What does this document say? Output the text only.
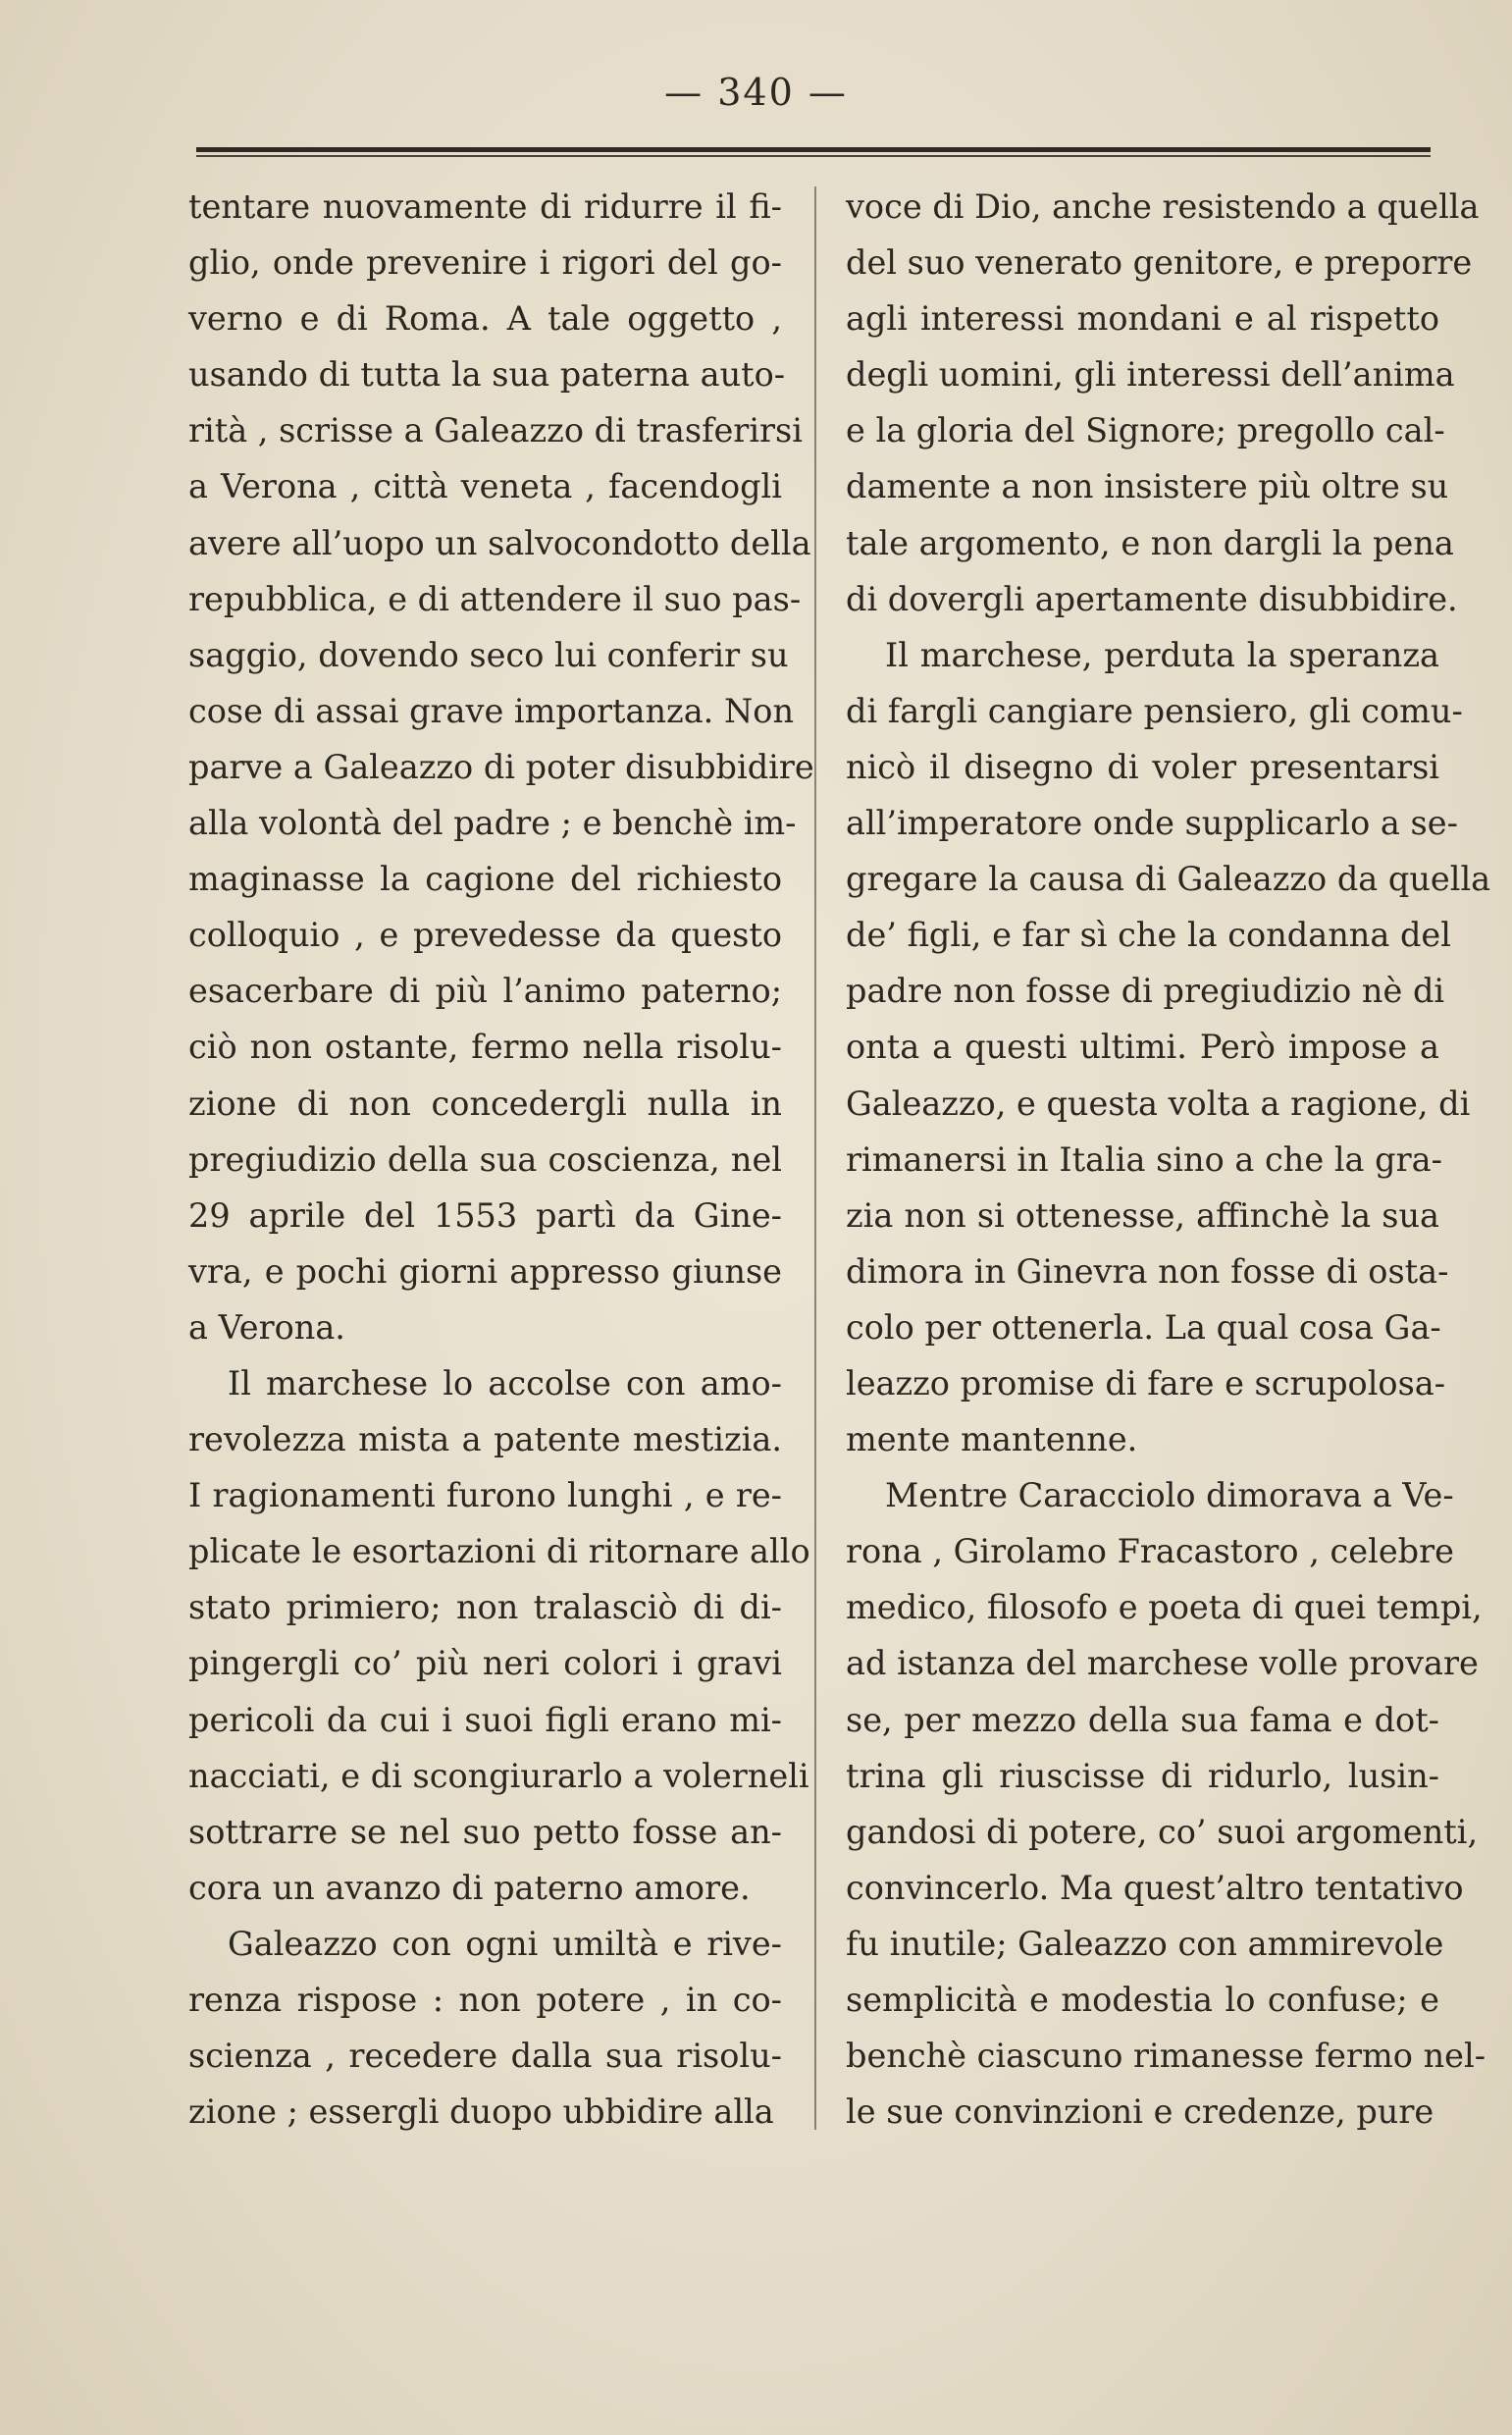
— 340 —

tentare nuovamente di ridurre il fi-
glio, onde prevenire i rigori del go-
verno e di Roma. A tale oggetto ,
usando di tutta la sua paterna auto-
rità , scrisse a Galeazzo di trasferirsi
a Verona , città veneta , facendogli
avere all’uopo un salvocondotto della
repubblica, e di attendere il suo pas-
saggio, dovendo seco lui conferir su
cose di assai grave importanza. Non
parve a Galeazzo di poter disubbidire
alla volontà del padre ; e benchè im-
maginasse la cagione del richiesto
colloquio , e prevedesse da questo
esacerbare di più l’animo paterno;
ciò non ostante, fermo nella risolu-
zione di non concedergli nulla in
pregiudizio della sua coscienza, nel
29 aprile del 1553 partì da Gine-
vra, e pochi giorni appresso giunse
a Verona.

Il marchese lo accolse con amo-
revolezza mista a patente mestizia.
I ragionamenti furono lunghi , e re-
plicate le esortazioni di ritornare allo
stato primiero; non tralasciò di di-
pingergli co’ più neri colori i gravi
pericoli da cui i suoi figli erano mi-
nacciati, e di scongiurarlo a volerneli
sottrarre se nel suo petto fosse an-
cora un avanzo di paterno amore.

Galeazzo con ogni umiltà e rive-
renza rispose : non potere , in co-
scienza , recedere dalla sua risolu-
zione ; essergli duopo ubbidire alla

voce di Dio, anche resistendo a quella
del suo venerato genitore, e preporre
agli interessi mondani e al rispetto
degli uomini, gli interessi dell’anima
e la gloria del Signore; pregollo cal-
damente a non insistere più oltre su
tale argomento, e non dargli la pena
di dovergli apertamente disubbidire.

Il marchese, perduta la speranza
di fargli cangiare pensiero, gli comu-
nicò il disegno di voler presentarsi
all’imperatore onde supplicarlo a se-
gregare la causa di Galeazzo da quella
de’ figli, e far sì che la condanna del
padre non fosse di pregiudizio nè di
onta a questi ultimi. Però impose a
Galeazzo, e questa volta a ragione, di
rimanersi in Italia sino a che la gra-
zia non si ottenesse, affinchè la sua
dimora in Ginevra non fosse di osta-
colo per ottenerla. La qual cosa Ga-
leazzo promise di fare e scrupolosa-
mente mantenne.

Mentre Caracciolo dimorava a Ve-
rona , Girolamo Fracastoro , celebre
medico, filosofo e poeta di quei tempi,
ad istanza del marchese volle provare
se, per mezzo della sua fama e dot-
trina gli riuscisse di ridurlo, lusin-
gandosi di potere, co’ suoi argomenti,
convincerlo. Ma quest’altro tentativo
fu inutile; Galeazzo con ammirevole
semplicità e modestia lo confuse; e
benchè ciascuno rimanesse fermo nel-
le sue convinzioni e credenze, pure
